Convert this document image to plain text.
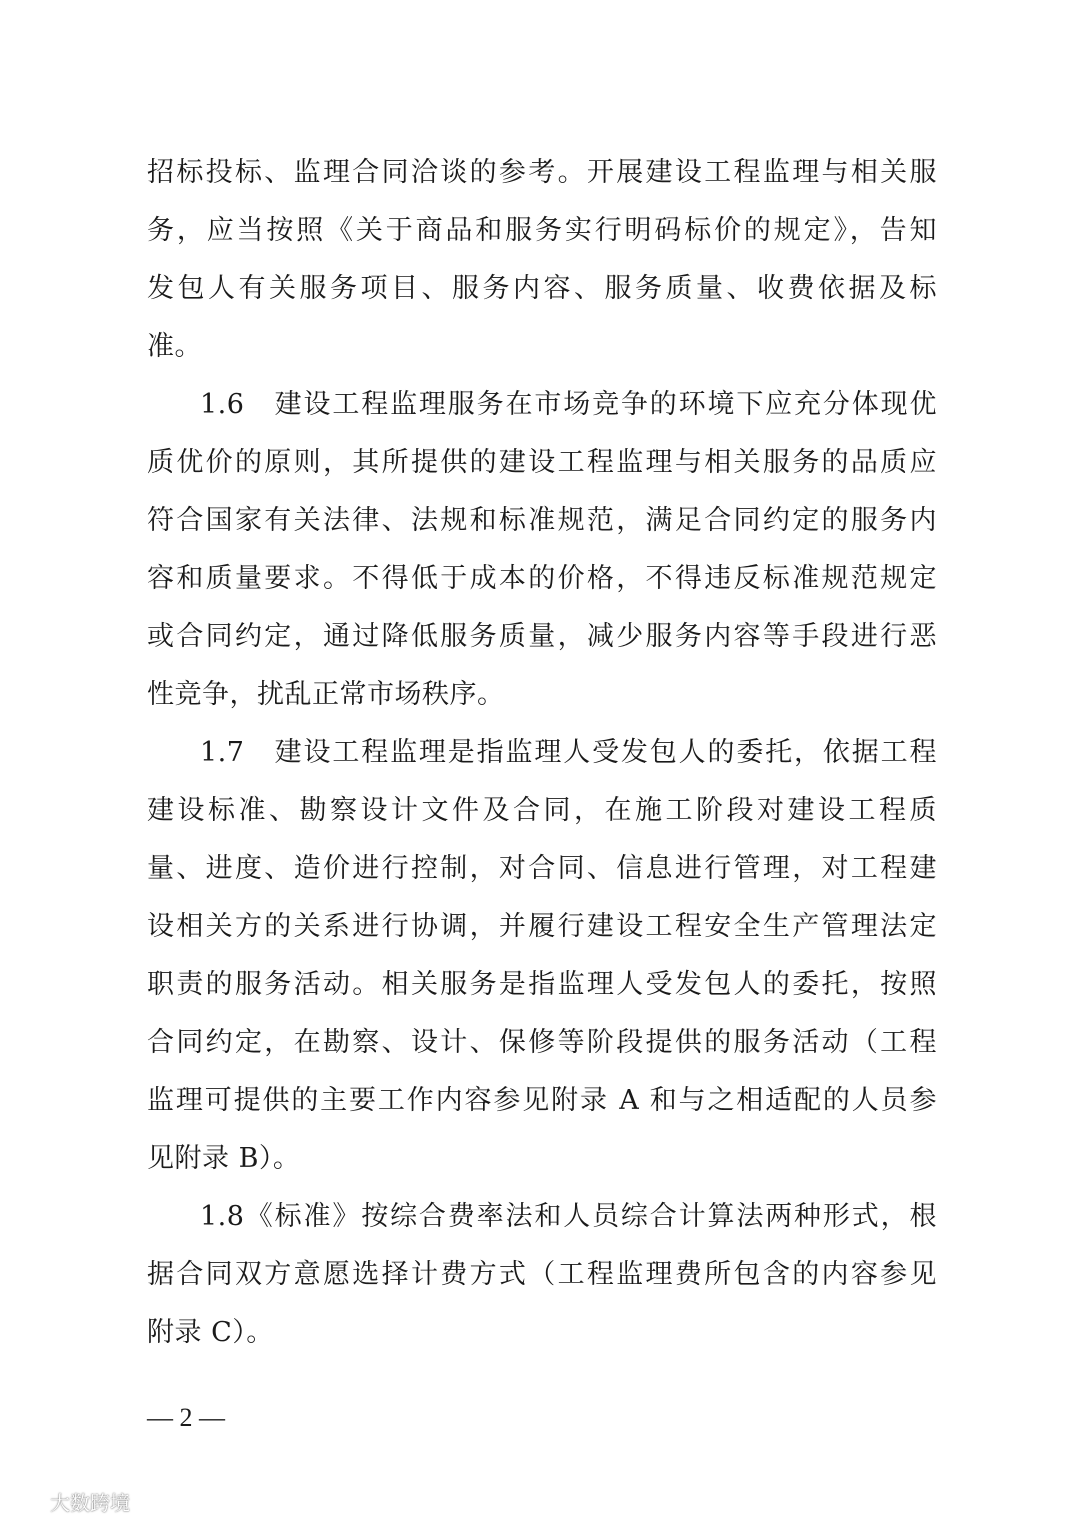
招标投标、监理合同洽谈的参考。开展建设工程监理与相关服
务，应当按照《关于商品和服务实行明码标价的规定》，告知
发包人有关服务项目、服务内容、服务质量、收费依据及标
准。
1.6　建设工程监理服务在市场竞争的环境下应充分体现优
质优价的原则，其所提供的建设工程监理与相关服务的品质应
符合国家有关法律、法规和标准规范，满足合同约定的服务内
容和质量要求。不得低于成本的价格，不得违反标准规范规定
或合同约定，通过降低服务质量，减少服务内容等手段进行恶
性竞争，扰乱正常市场秩序。
1.7　建设工程监理是指监理人受发包人的委托，依据工程
建设标准、勘察设计文件及合同，在施工阶段对建设工程质
量、进度、造价进行控制，对合同、信息进行管理，对工程建
设相关方的关系进行协调，并履行建设工程安全生产管理法定
职责的服务活动。相关服务是指监理人受发包人的委托，按照
合同约定，在勘察、设计、保修等阶段提供的服务活动（工程
监理可提供的主要工作内容参见附录 A 和与之相适配的人员参
见附录 B）。
1.8《标准》按综合费率法和人员综合计算法两种形式，根
据合同双方意愿选择计费方式（工程监理费所包含的内容参见
附录 C）。
— 2 —
大数跨境
